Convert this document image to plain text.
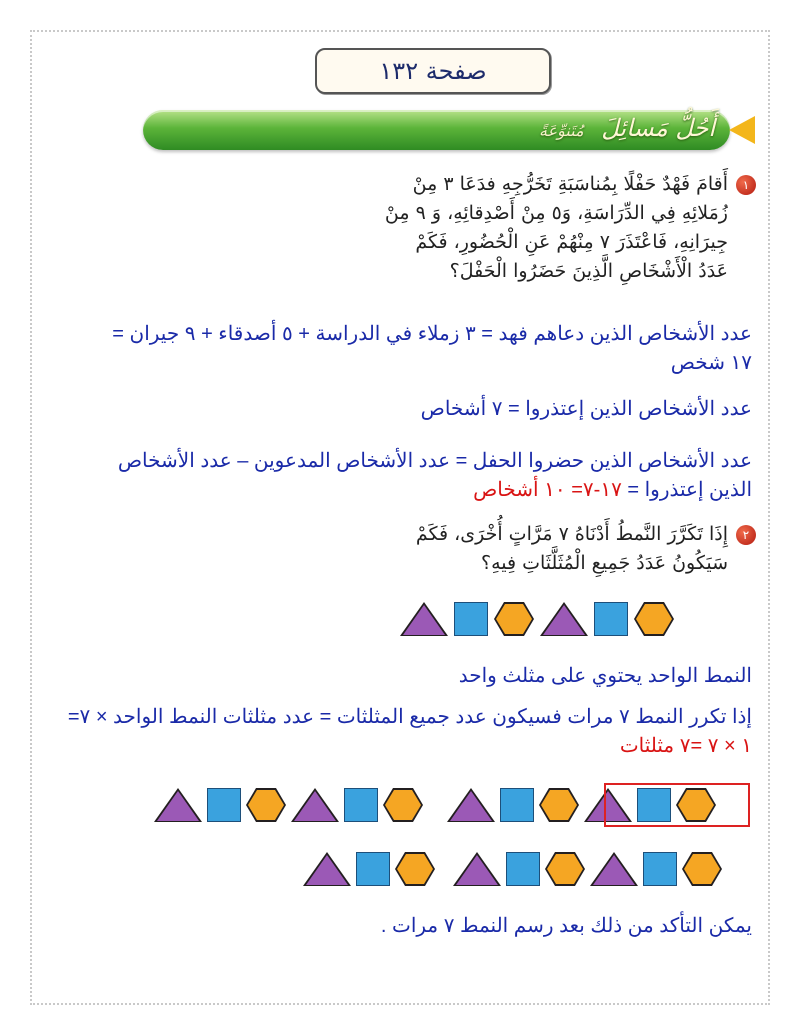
صفحة ١٣٢
أَحُلُّ مَسائِلَ مُتَنوِّعَةً
١أَقامَ فَهْدٌ حَفْلًا بِمُناسَبَةِ تَخَرُّجِهِ فدَعَا ٣ مِنْ
زُمَلائِهِ فِي الدِّرَاسَةِ، وَ٥ مِنْ أَصْدِقائِهِ، وَ ٩ مِنْ
جِيرَانِهِ، فَاعْتَذَرَ ٧ مِنْهُمْ عَنِ الْحُضُورِ، فَكَمْ
عَدَدُ الْأَشْخَاصِ الَّذِينَ حَضَرُوا الْحَفْلَ؟
عدد الأشخاص الذين دعاهم فهد = ٣ زملاء في الدراسة + ٥ أصدقاء + ٩ جيران =
١٧ شخص
عدد الأشخاص الذين إعتذروا = ٧ أشخاص
عدد الأشخاص الذين حضروا الحفل = عدد الأشخاص المدعوين – عدد الأشخاص
الذين إعتذروا = ١٧-٧= ١٠ أشخاص
٢إِذَا تَكَرَّرَ النَّمطُ أَدْنَاهُ ٧ مَرَّاتٍ أُخْرَى، فَكَمْ
سَيَكُونُ عَدَدُ جَمِيعِ الْمُثَلَّثَاتِ فِيهِ؟
النمط الواحد يحتوي على مثلث واحد
إذا تكرر النمط ٧ مرات فسيكون عدد جميع المثلثات = عدد مثلثات النمط الواحد × ٧=
١ × ٧ =٧ مثلثات
يمكن التأكد من ذلك بعد رسم النمط ٧ مرات .
